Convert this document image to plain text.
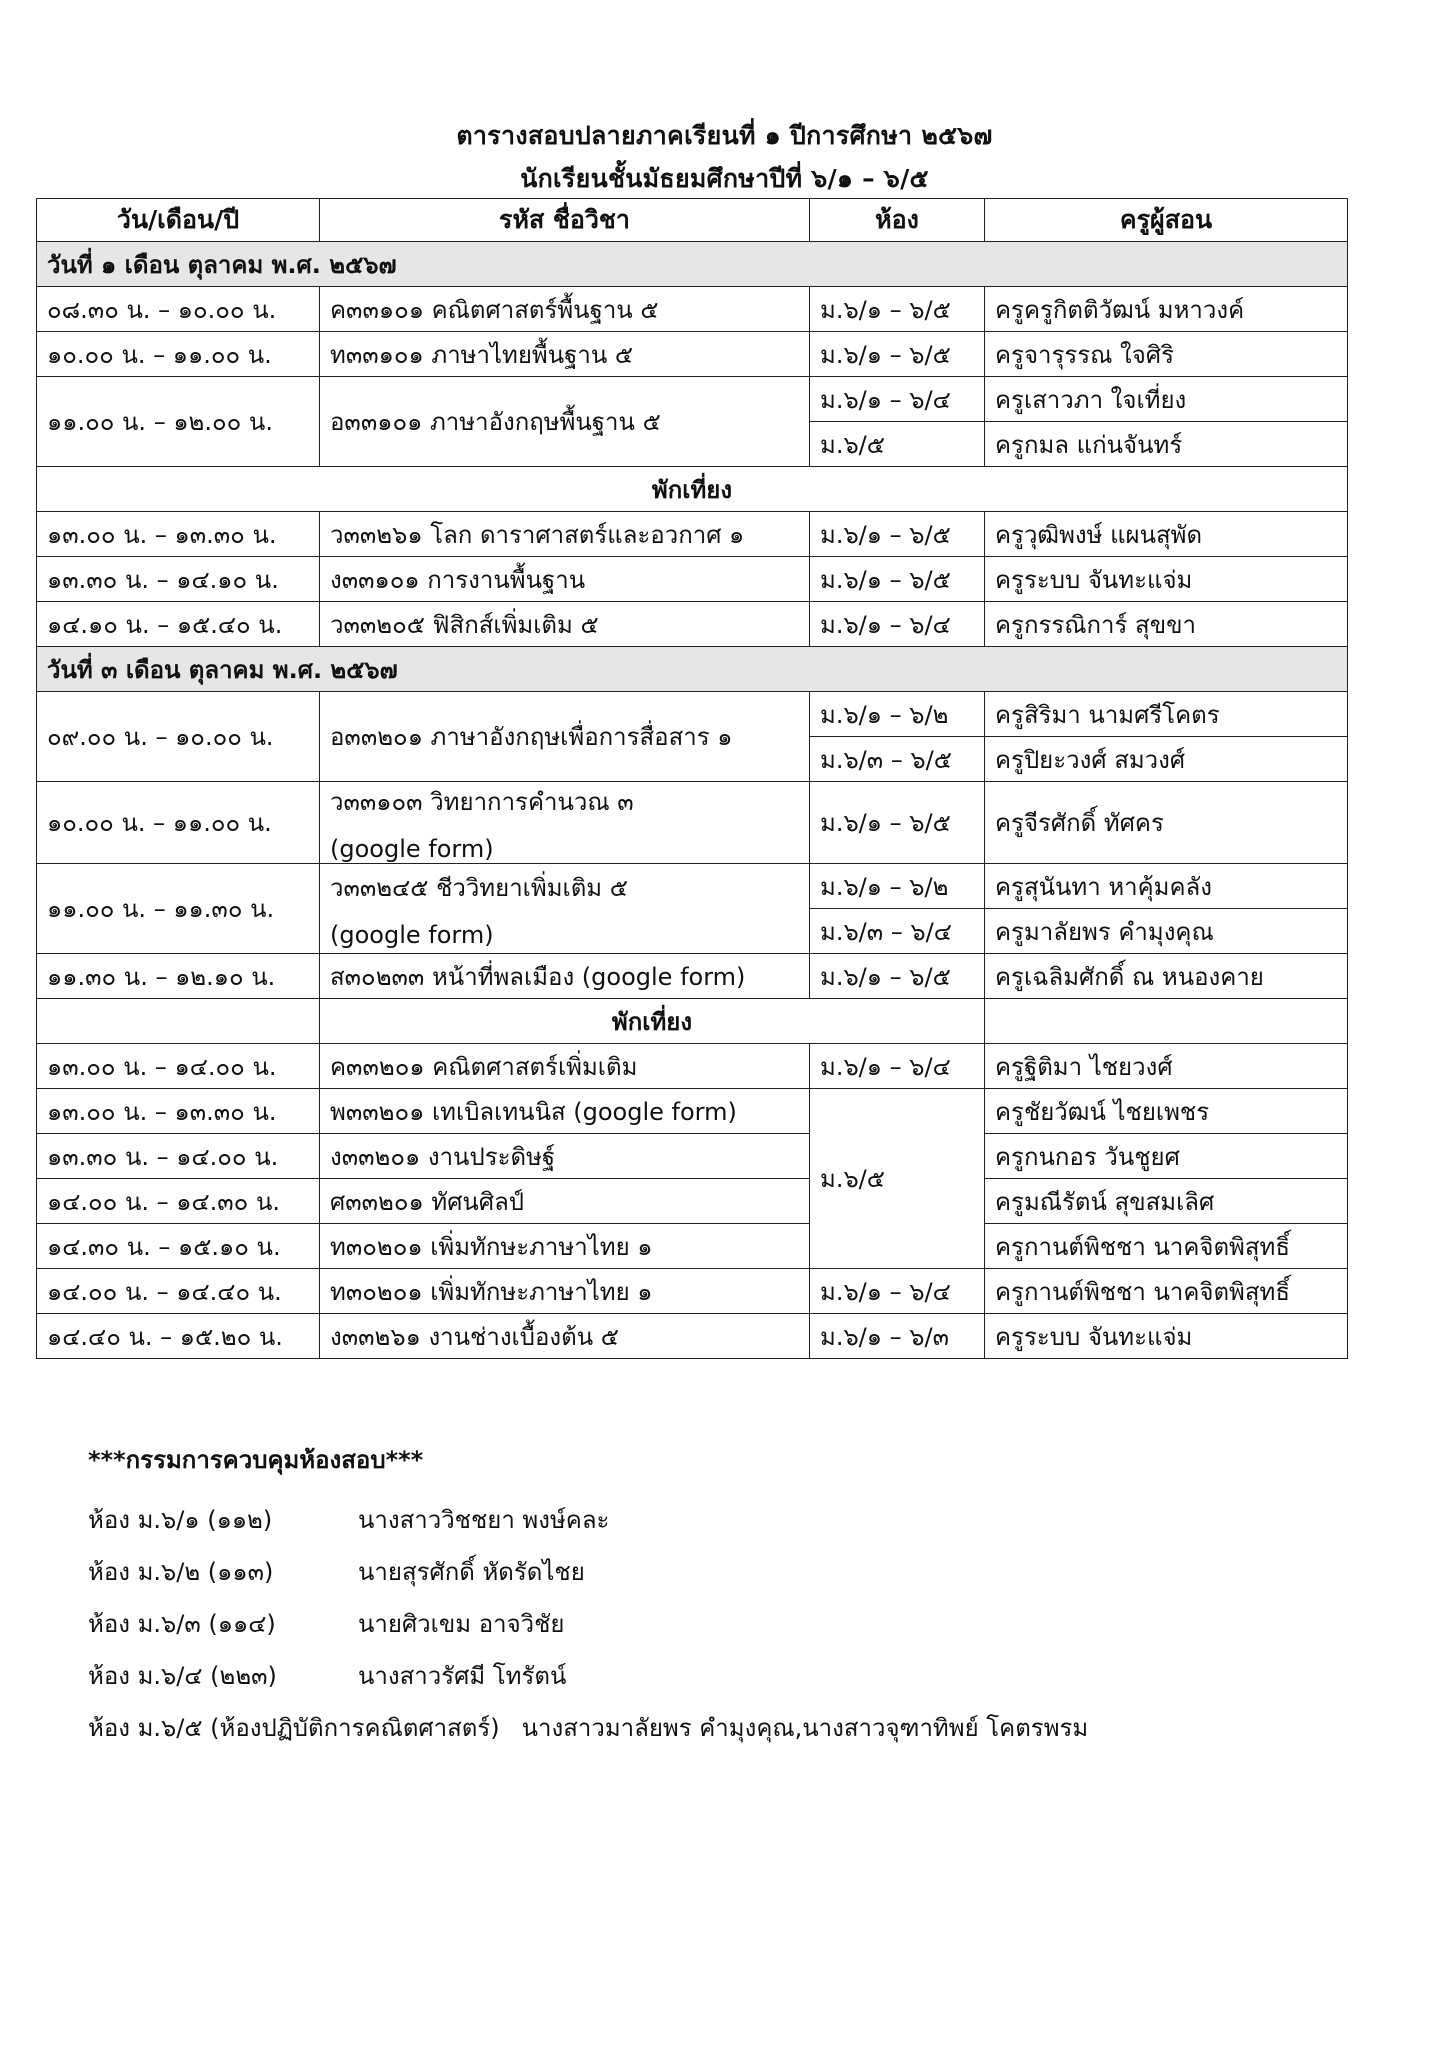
ตารางสอบปลายภาคเรียนที่ ๑ ปีการศึกษา ๒๕๖๗
นักเรียนชั้นมัธยมศึกษาปีที่ ๖/๑ – ๖/๕
วัน/เดือน/ปี	รหัส ชื่อวิชา	ห้อง	ครูผู้สอน
วันที่ ๑ เดือน ตุลาคม พ.ศ. ๒๕๖๗			
๐๘.๓๐ น. – ๑๐.๐๐ น.	ค๓๓๑๐๑ คณิตศาสตร์พื้นฐาน ๕	ม.๖/๑ – ๖/๕	ครูครูกิตติวัฒน์ มหาวงค์
๑๐.๐๐ น. – ๑๑.๐๐ น.	ท๓๓๑๐๑ ภาษาไทยพื้นฐาน ๕	ม.๖/๑ – ๖/๕	ครูจารุรรณ ใจศิริ
๑๑.๐๐ น. – ๑๒.๐๐ น.	อ๓๓๑๐๑ ภาษาอังกฤษพื้นฐาน ๕	ม.๖/๑ – ๖/๔	ครูเสาวภา ใจเที่ยง
		ม.๖/๕	ครูกมล แก่นจันทร์
พักเที่ยง			
๑๓.๐๐ น. – ๑๓.๓๐ น.	ว๓๓๒๖๑ โลก ดาราศาสตร์และอวกาศ ๑	ม.๖/๑ – ๖/๕	ครูวุฒิพงษ์ แผนสุพัด
๑๓.๓๐ น. – ๑๔.๑๐ น.	ง๓๓๑๐๑ การงานพื้นฐาน	ม.๖/๑ – ๖/๕	ครูระบบ จันทะแจ่ม
๑๔.๑๐ น. – ๑๕.๔๐ น.	ว๓๓๒๐๕ ฟิสิกส์เพิ่มเติม ๕	ม.๖/๑ – ๖/๔	ครูกรรณิการ์ สุขขา
วันที่ ๓ เดือน ตุลาคม พ.ศ. ๒๕๖๗			
๐๙.๐๐ น. – ๑๐.๐๐ น.	อ๓๓๒๐๑ ภาษาอังกฤษเพื่อการสื่อสาร ๑	ม.๖/๑ – ๖/๒	ครูสิริมา นามศรีโคตร
		ม.๖/๓ – ๖/๕	ครูปิยะวงศ์ สมวงศ์
๑๐.๐๐ น. – ๑๑.๐๐ น.	ว๓๓๑๐๓ วิทยาการคำนวณ ๓
(google form)	ม.๖/๑ – ๖/๕	ครูจีรศักดิ์ ทัศคร
๑๑.๐๐ น. – ๑๑.๓๐ น.	ว๓๓๒๔๕ ชีววิทยาเพิ่มเติม ๕
(google form)	ม.๖/๑ – ๖/๒	ครูสุนันทา หาคุ้มคลัง
		ม.๖/๓ – ๖/๔	ครูมาลัยพร คำมุงคุณ
๑๑.๓๐ น. – ๑๒.๑๐ น.	ส๓๐๒๓๓ หน้าที่พลเมือง (google form)	ม.๖/๑ – ๖/๕	ครูเฉลิมศักดิ์ ณ หนองคาย
	พักเที่ยง		
๑๓.๐๐ น. – ๑๔.๐๐ น.	ค๓๓๒๐๑ คณิตศาสตร์เพิ่มเติม	ม.๖/๑ – ๖/๔	ครูฐิติมา ไชยวงศ์
๑๓.๐๐ น. – ๑๓.๓๐ น.	พ๓๓๒๐๑ เทเบิลเทนนิส (google form)	ม.๖/๕	ครูชัยวัฒน์ ไชยเพชร
๑๓.๓๐ น. – ๑๔.๐๐ น.	ง๓๓๒๐๑ งานประดิษฐ์		ครูกนกอร วันชูยศ
๑๔.๐๐ น. – ๑๔.๓๐ น.	ศ๓๓๒๐๑ ทัศนศิลป์		ครูมณีรัตน์ สุขสมเลิศ
๑๔.๓๐ น. – ๑๕.๑๐ น.	ท๓๐๒๐๑ เพิ่มทักษะภาษาไทย ๑		ครูกานต์พิชชา นาคจิตพิสุทธิ์
๑๔.๐๐ น. – ๑๔.๔๐ น.	ท๓๐๒๐๑ เพิ่มทักษะภาษาไทย ๑	ม.๖/๑ – ๖/๔	ครูกานต์พิชชา นาคจิตพิสุทธิ์
๑๔.๔๐ น. – ๑๕.๒๐ น.	ง๓๓๒๖๑ งานช่างเบื้องต้น ๕	ม.๖/๑ – ๖/๓	ครูระบบ จันทะแจ่ม
***กรรมการควบคุมห้องสอบ***
ห้อง ม.๖/๑ (๑๑๒)	นางสาววิชชยา พงษ์คละ
ห้อง ม.๖/๒ (๑๑๓)	นายสุรศักดิ์ หัดรัดไชย
ห้อง ม.๖/๓ (๑๑๔)	นายศิวเขม อาจวิชัย
ห้อง ม.๖/๔ (๒๒๓)	นางสาวรัศมี โทรัตน์
ห้อง ม.๖/๕ (ห้องปฏิบัติการคณิตศาสตร์) นางสาวมาลัยพร คำมุงคุณ,นางสาวจุฑาทิพย์ โคตรพรม
